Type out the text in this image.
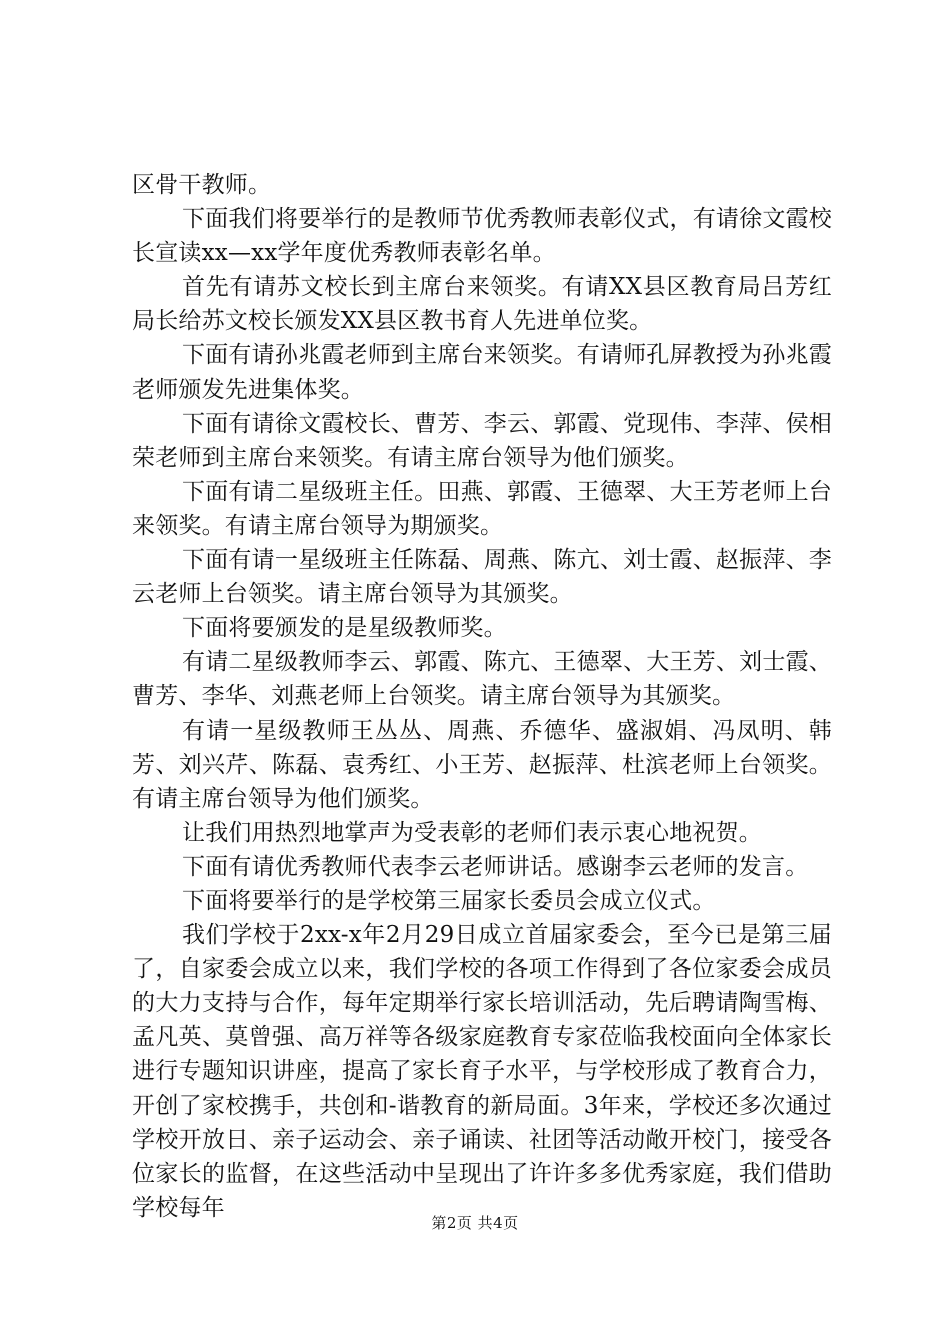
区骨干教师。

下面我们将要举行的是教师节优秀教师表彰仪式，有请徐文霞校长宣读xx—xx学年度优秀教师表彰名单。

首先有请苏文校长到主席台来领奖。有请XX县区教育局吕芳红局长给苏文校长颁发XX县区教书育人先进单位奖。

下面有请孙兆霞老师到主席台来领奖。有请师孔屏教授为孙兆霞老师颁发先进集体奖。

下面有请徐文霞校长、曹芳、李云、郭霞、党现伟、李萍、侯相荣老师到主席台来领奖。有请主席台领导为他们颁奖。

下面有请二星级班主任。田燕、郭霞、王德翠、大王芳老师上台来领奖。有请主席台领导为期颁奖。

下面有请一星级班主任陈磊、周燕、陈亢、刘士霞、赵振萍、李云老师上台领奖。请主席台领导为其颁奖。

下面将要颁发的是星级教师奖。

有请二星级教师李云、郭霞、陈亢、王德翠、大王芳、刘士霞、曹芳、李华、刘燕老师上台领奖。请主席台领导为其颁奖。

有请一星级教师王丛丛、周燕、乔德华、盛淑娟、冯凤明、韩芳、刘兴芹、陈磊、袁秀红、小王芳、赵振萍、杜滨老师上台领奖。有请主席台领导为他们颁奖。

让我们用热烈地掌声为受表彰的老师们表示衷心地祝贺。

下面有请优秀教师代表李云老师讲话。感谢李云老师的发言。

下面将要举行的是学校第三届家长委员会成立仪式。

我们学校于2xx-x年2月29日成立首届家委会，至今已是第三届了，自家委会成立以来，我们学校的各项工作得到了各位家委会成员的大力支持与合作，每年定期举行家长培训活动，先后聘请陶雪梅、孟凡英、莫曾强、高万祥等各级家庭教育专家莅临我校面向全体家长进行专题知识讲座，提高了家长育子水平，与学校形成了教育合力，开创了家校携手，共创和-谐教育的新局面。3年来，学校还多次通过学校开放日、亲子运动会、亲子诵读、社团等活动敞开校门，接受各位家长的监督，在这些活动中呈现出了许许多多优秀家庭，我们借助学校每年

第2页 共4页
